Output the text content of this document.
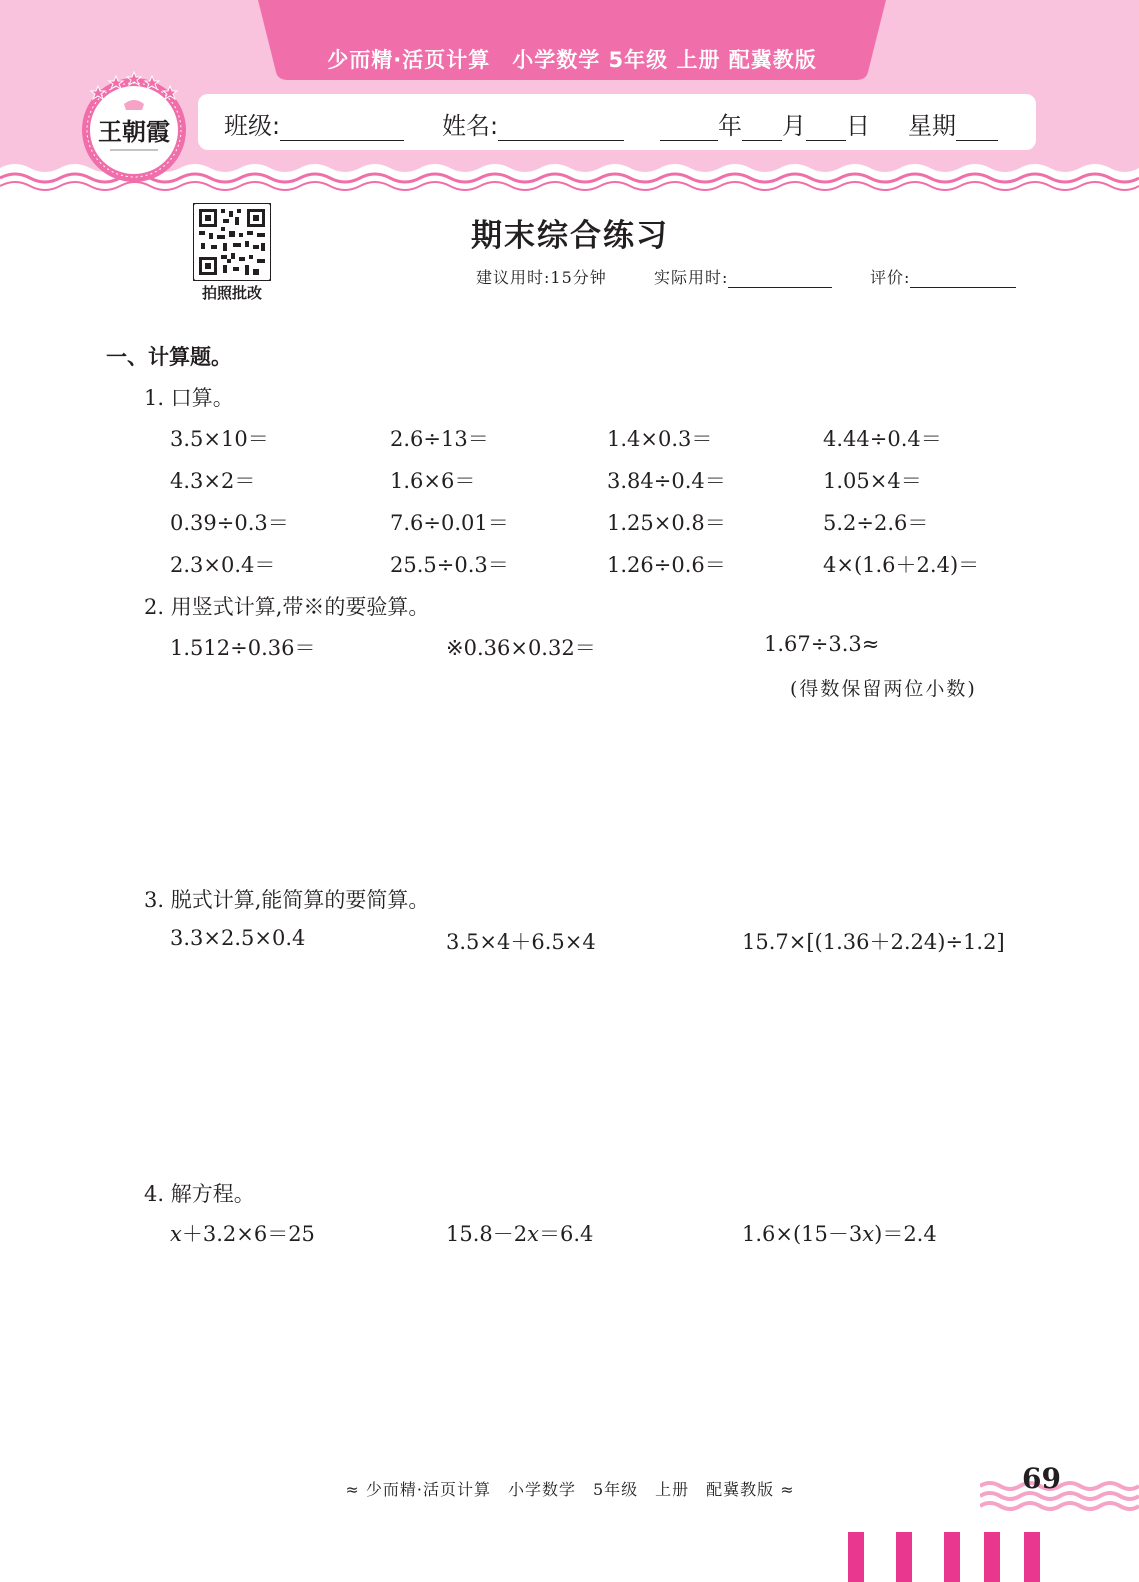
少而精·活页计算　小学数学 5年级 上册 配冀教版
班级:	姓名:	年 月 日 星期
王朝霞
拍照批改
期末综合练习
建议用时:15分钟	实际用时:	评价:
一、计算题。
1. 口算。
3.5×10＝	2.6÷13＝	1.4×0.3＝	4.44÷0.4＝
4.3×2＝	1.6×6＝	3.84÷0.4＝	1.05×4＝
0.39÷0.3＝	7.6÷0.01＝	1.25×0.8＝	5.2÷2.6＝
2.3×0.4＝	25.5÷0.3＝	1.26÷0.6＝	4×(1.6＋2.4)＝
2. 用竖式计算,带※的要验算。
1.512÷0.36＝	※0.36×0.32＝	1.67÷3.3≈
(得数保留两位小数)
3. 脱式计算,能简算的要简算。
3.3×2.5×0.4	3.5×4＋6.5×4	15.7×[(1.36＋2.24)÷1.2]
4. 解方程。
x＋3.2×6＝25	15.8－2x＝6.4	1.6×(15－3x)＝2.4
≈ 少而精·活页计算　小学数学　5年级　上册　配冀教版 ≈	69
